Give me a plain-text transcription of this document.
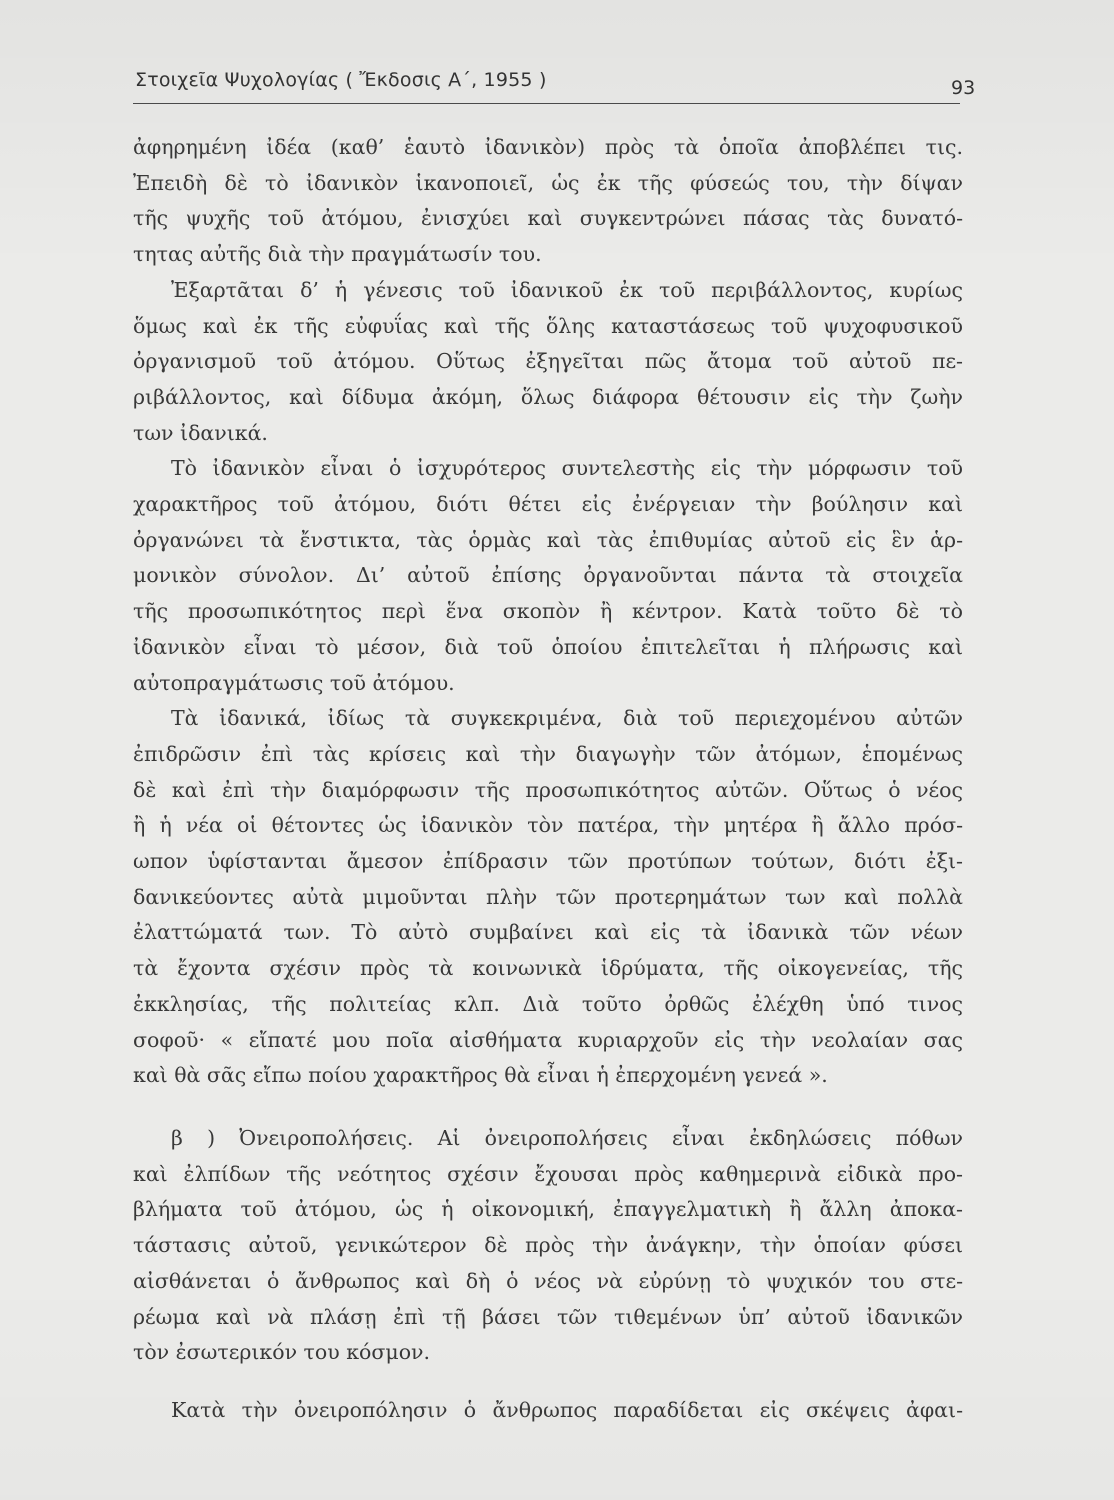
Στοιχεῖα Ψυχολογίας ( Ἔκδοσις Α΄, 1955 )	93
ἀφηρημένη ἰδέα (καθ’ ἑαυτὸ ἰδανικὸν) πρὸς τὰ ὁποῖα ἀποβλέπει τις.
Ἐπειδὴ δὲ τὸ ἰδανικὸν ἱκανοποιεῖ, ὡς ἐκ τῆς φύσεώς του, τὴν δίψαν
τῆς ψυχῆς τοῦ ἀτόμου, ἐνισχύει καὶ συγκεντρώνει πάσας τὰς δυνατό-
τητας αὐτῆς διὰ τὴν πραγμάτωσίν του.
Ἐξαρτᾶται δ’ ἡ γένεσις τοῦ ἰδανικοῦ ἐκ τοῦ περιβάλλοντος, κυρίως
ὅμως καὶ ἐκ τῆς εὐφυΐας καὶ τῆς ὅλης καταστάσεως τοῦ ψυχοφυσικοῦ
ὀργανισμοῦ τοῦ ἀτόμου. Οὕτως ἐξηγεῖται πῶς ἄτομα τοῦ αὐτοῦ πε-
ριβάλλοντος, καὶ δίδυμα ἀκόμη, ὅλως διάφορα θέτουσιν εἰς τὴν ζωὴν
των ἰδανικά.
Τὸ ἰδανικὸν εἶναι ὁ ἰσχυρότερος συντελεστὴς εἰς τὴν μόρφωσιν τοῦ
χαρακτῆρος τοῦ ἀτόμου, διότι θέτει εἰς ἐνέργειαν τὴν βούλησιν καὶ
ὀργανώνει τὰ ἔνστικτα, τὰς ὁρμὰς καὶ τὰς ἐπιθυμίας αὐτοῦ εἰς ἓν ἁρ-
μονικὸν σύνολον. Δι’ αὐτοῦ ἐπίσης ὀργανοῦνται πάντα τὰ στοιχεῖα
τῆς προσωπικότητος περὶ ἕνα σκοπὸν ἢ κέντρον. Κατὰ τοῦτο δὲ τὸ
ἰδανικὸν εἶναι τὸ μέσον, διὰ τοῦ ὁποίου ἐπιτελεῖται ἡ πλήρωσις καὶ
αὐτοπραγμάτωσις τοῦ ἀτόμου.
Τὰ ἰδανικά, ἰδίως τὰ συγκεκριμένα, διὰ τοῦ περιεχομένου αὐτῶν
ἐπιδρῶσιν ἐπὶ τὰς κρίσεις καὶ τὴν διαγωγὴν τῶν ἀτόμων, ἑπομένως
δὲ καὶ ἐπὶ τὴν διαμόρφωσιν τῆς προσωπικότητος αὐτῶν. Οὕτως ὁ νέος
ἢ ἡ νέα οἱ θέτοντες ὡς ἰδανικὸν τὸν πατέρα, τὴν μητέρα ἢ ἄλλο πρόσ-
ωπον ὑφίστανται ἄμεσον ἐπίδρασιν τῶν προτύπων τούτων, διότι ἐξι-
δανικεύοντες αὐτὰ μιμοῦνται πλὴν τῶν προτερημάτων των καὶ πολλὰ
ἐλαττώματά των. Τὸ αὐτὸ συμβαίνει καὶ εἰς τὰ ἰδανικὰ τῶν νέων
τὰ ἔχοντα σχέσιν πρὸς τὰ κοινωνικὰ ἱδρύματα, τῆς οἰκογενείας, τῆς
ἐκκλησίας, τῆς πολιτείας κλπ. Διὰ τοῦτο ὀρθῶς ἐλέχθη ὑπό τινος
σοφοῦ· « εἴπατέ μου ποῖα αἰσθήματα κυριαρχοῦν εἰς τὴν νεολαίαν σας
καὶ θὰ σᾶς εἴπω ποίου χαρακτῆρος θὰ εἶναι ἡ ἐπερχομένη γενεά ».
β ) Ὀνειροπολήσεις. Αἱ ὀνειροπολήσεις εἶναι ἐκδηλώσεις πόθων
καὶ ἐλπίδων τῆς νεότητος σχέσιν ἔχουσαι πρὸς καθημερινὰ εἰδικὰ προ-
βλήματα τοῦ ἀτόμου, ὡς ἡ οἰκονομική, ἐπαγγελματικὴ ἢ ἄλλη ἀποκα-
τάστασις αὐτοῦ, γενικώτερον δὲ πρὸς τὴν ἀνάγκην, τὴν ὁποίαν φύσει
αἰσθάνεται ὁ ἄνθρωπος καὶ δὴ ὁ νέος νὰ εὐρύνῃ τὸ ψυχικόν του στε-
ρέωμα καὶ νὰ πλάσῃ ἐπὶ τῇ βάσει τῶν τιθεμένων ὑπ’ αὐτοῦ ἰδανικῶν
τὸν ἐσωτερικόν του κόσμον.
Κατὰ τὴν ὀνειροπόλησιν ὁ ἄνθρωπος παραδίδεται εἰς σκέψεις ἀφαι-
